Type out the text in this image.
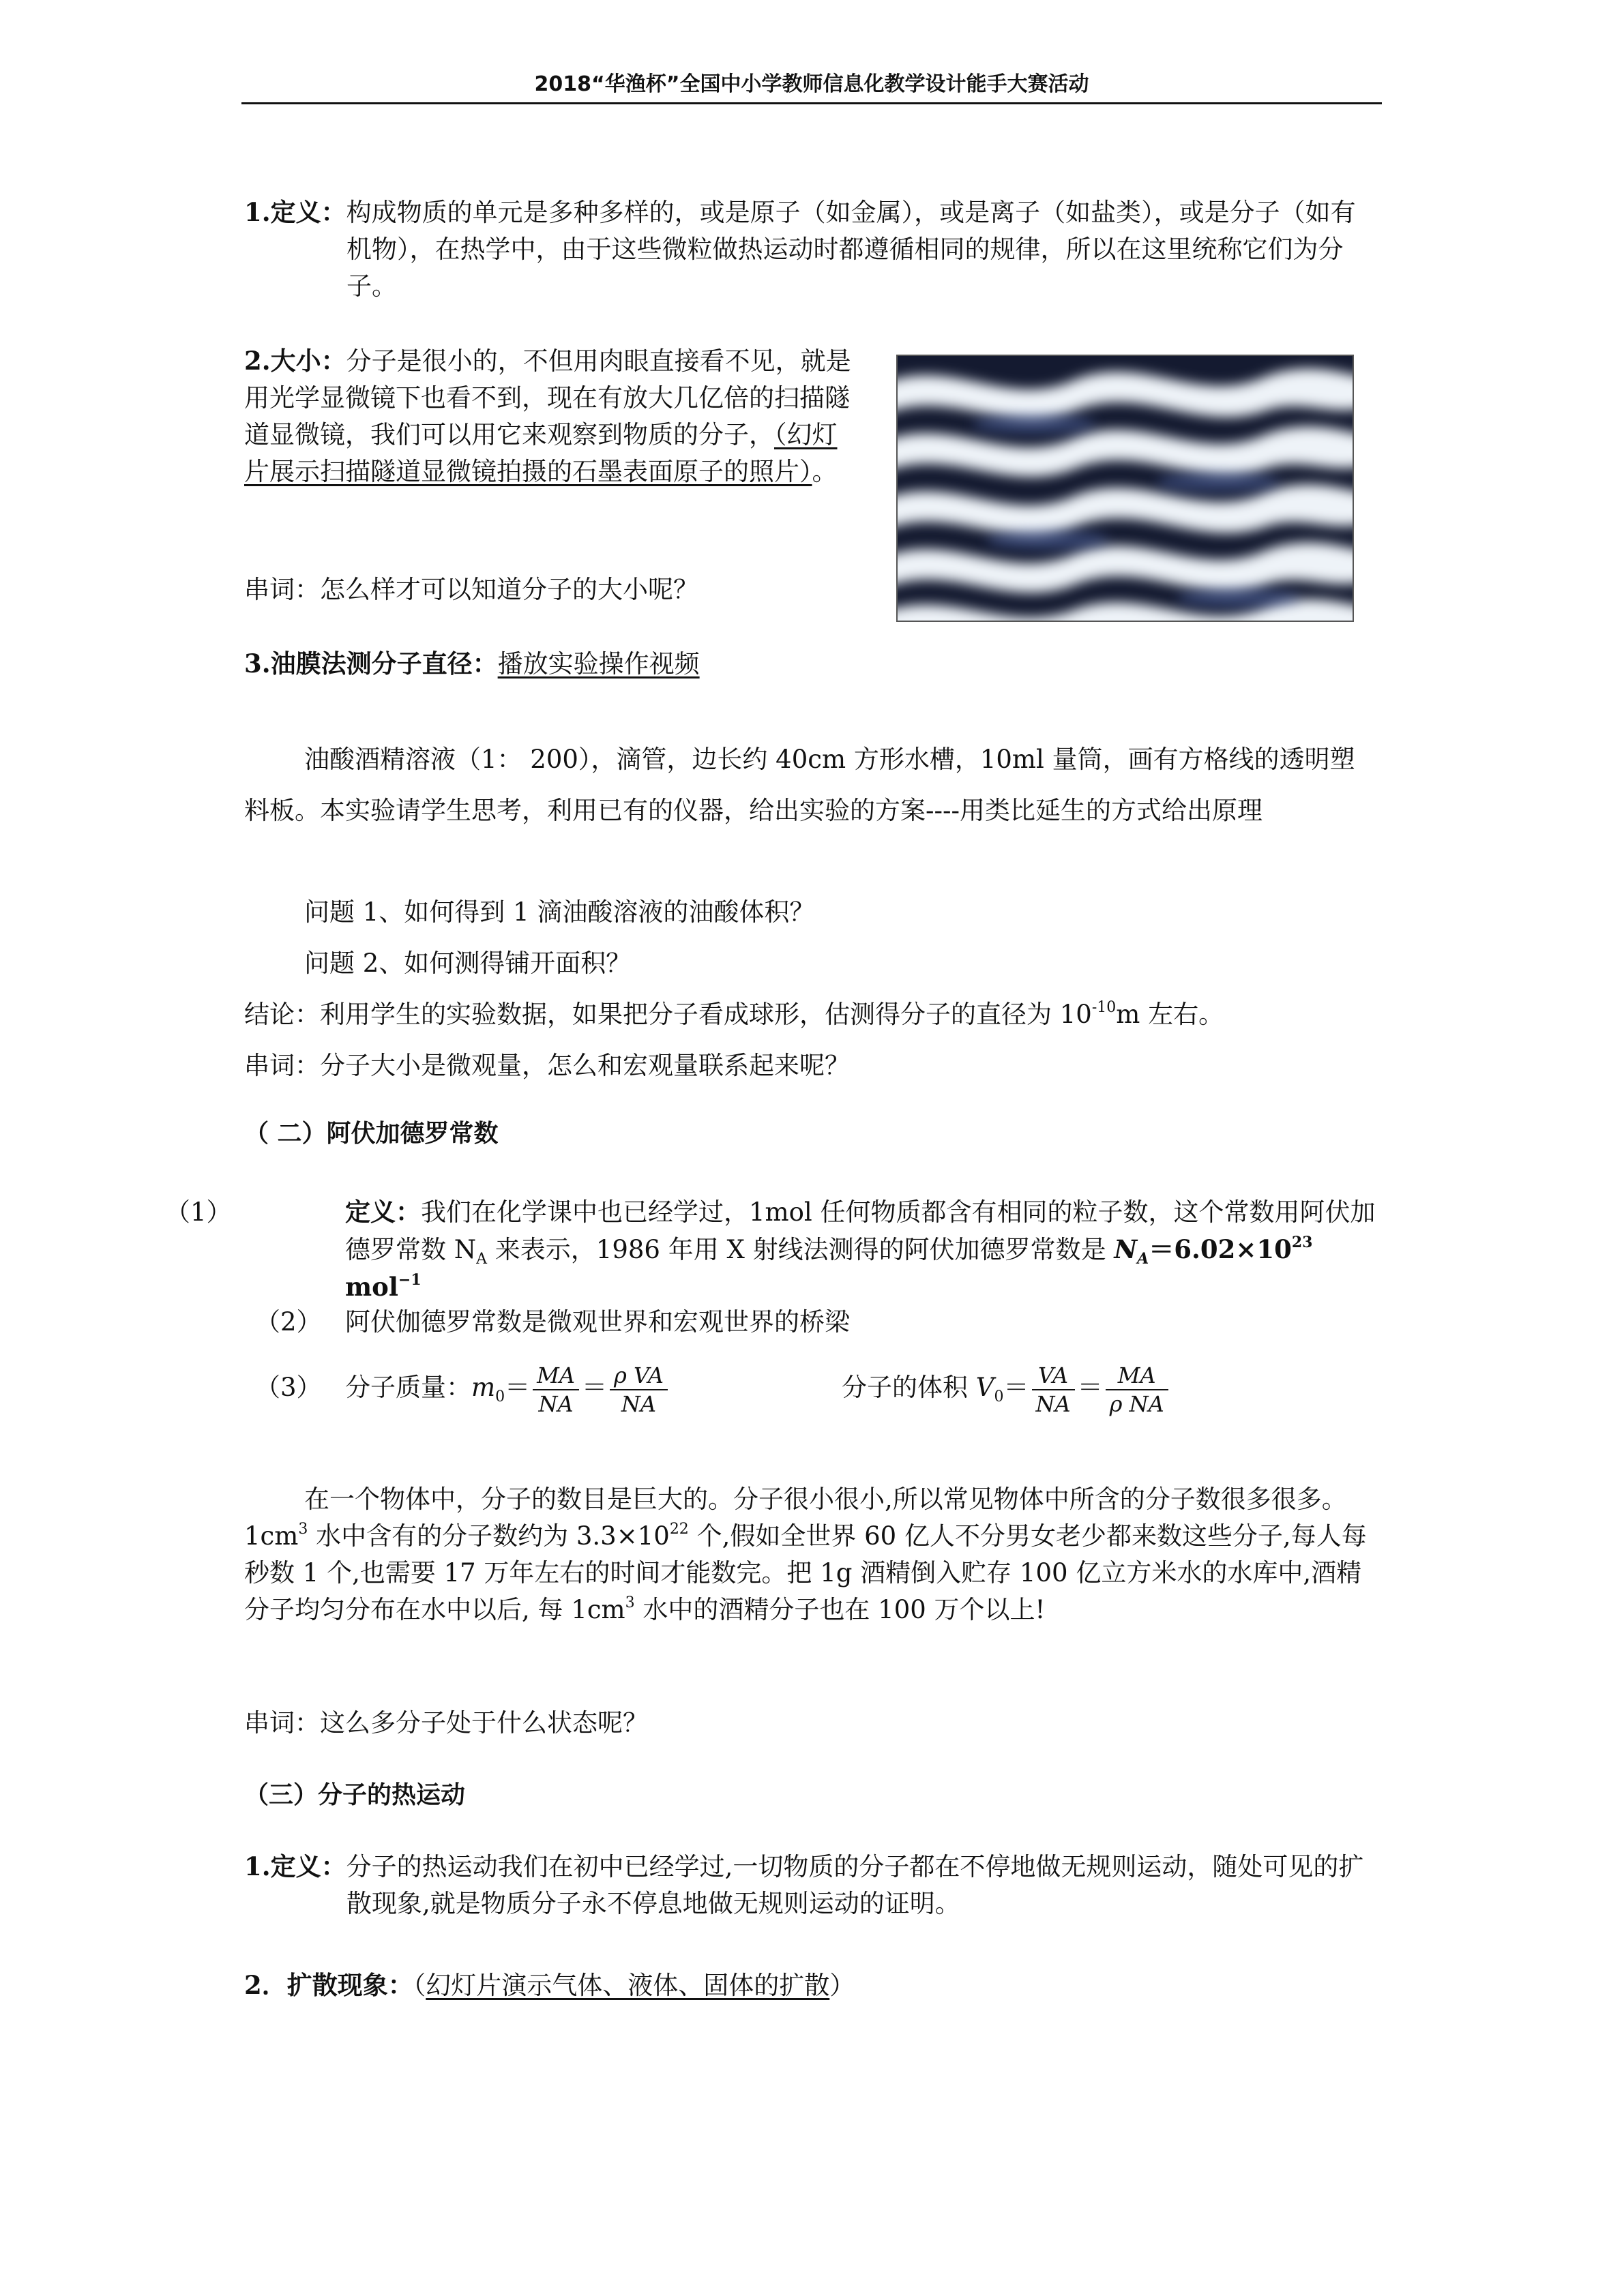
2018“华渔杯”全国中小学教师信息化教学设计能手大赛活动
1.定义：构成物质的单元是多种多样的，或是原子（如金属），或是离子（如盐类），或是分子（如有机物），在热学中，由于这些微粒做热运动时都遵循相同的规律，所以在这里统称它们为分子。
2.大小：分子是很小的，不但用肉眼直接看不见，就是用光学显微镜下也看不到，现在有放大几亿倍的扫描隧道显微镜，我们可以用它来观察到物质的分子，（幻灯片展示扫描隧道显微镜拍摄的石墨表面原子的照片）。
串词：怎么样才可以知道分子的大小呢？
3.油膜法测分子直径：播放实验操作视频
油酸酒精溶液（1： 200），滴管，边长约 40cm 方形水槽，10ml 量筒，画有方格线的透明塑料板。本实验请学生思考，利用已有的仪器，给出实验的方案----用类比延生的方式给出原理
问题 1、如何得到 1 滴油酸溶液的油酸体积？
问题 2、如何测得铺开面积？
结论：利用学生的实验数据，如果把分子看成球形，估测得分子的直径为 $10^{-10}m$ 左右。
串词：分子大小是微观量，怎么和宏观量联系起来呢？
（ 二）阿伏加德罗常数
（1）	定义：我们在化学课中也已经学过，1mol 任何物质都含有相同的粒子数，这个常数用阿伏加德罗常数 $N_A$ 来表示，1986 年用 X 射线法测得的阿伏加德罗常数是 $N_A=6.02\times 10^{23}$ mol$^{-1}$
（2） 阿伏伽德罗常数是微观世界和宏观世界的桥梁
（3） 分子质量：$m_0= \frac{MA}{NA} = \frac{\text{ρ VA}}{NA}$	分子的体积 $V_0= \frac{VA}{NA} = \frac{MA}{\text{ρ NA}}$
在一个物体中，分子的数目是巨大的。分子很小很小,所以常见物体中所含的分子数很多很多。$1cm^3$ 水中含有的分子数约为 $3.3\times 10^{22}$ 个,假如全世界 60 亿人不分男女老少都来数这些分子,每人每秒数 1 个,也需要 17 万年左右的时间才能数完。把 1g 酒精倒入贮存 100 亿立方米水的水库中,酒精分子均匀分布在水中以后, 每 $1cm^3$ 水中的酒精分子也在 100 万个以上!
串词：这么多分子处于什么状态呢？
（三）分子的热运动
1.定义：分子的热运动我们在初中已经学过,一切物质的分子都在不停地做无规则运动，随处可见的扩散现象,就是物质分子永不停息地做无规则运动的证明。
2．扩散现象：（幻灯片演示气体、液体、固体的扩散）
